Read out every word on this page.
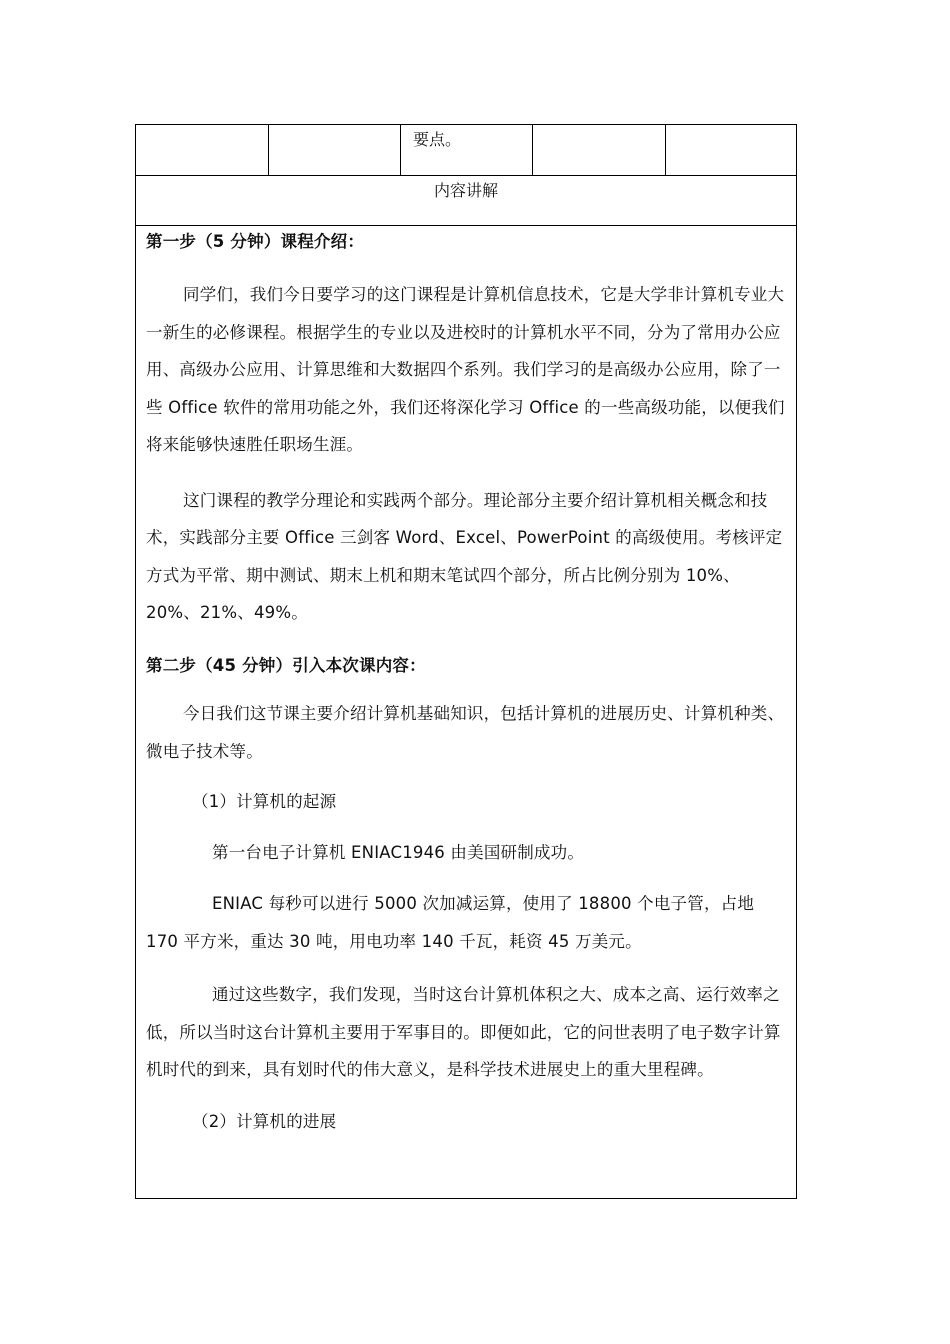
要点。
内容讲解

第一步（5 分钟）课程介绍：

同学们，我们今日要学习的这门课程是计算机信息技术，它是大学非计算机专业大一新生的必修课程。根据学生的专业以及进校时的计算机水平不同，分为了常用办公应用、高级办公应用、计算思维和大数据四个系列。我们学习的是高级办公应用，除了一些 Office 软件的常用功能之外，我们还将深化学习 Office 的一些高级功能，以便我们将来能够快速胜任职场生涯。

这门课程的教学分理论和实践两个部分。理论部分主要介绍计算机相关概念和技术，实践部分主要 Office 三剑客 Word、Excel、PowerPoint 的高级使用。考核评定方式为平常、期中测试、期末上机和期末笔试四个部分，所占比例分别为 10%、20%、21%、49%。

第二步（45 分钟）引入本次课内容：

今日我们这节课主要介绍计算机基础知识，包括计算机的进展历史、计算机种类、微电子技术等。

（1）计算机的起源

第一台电子计算机 ENIAC1946 由美国研制成功。

ENIAC 每秒可以进行 5000 次加减运算，使用了 18800 个电子管，占地 170 平方米，重达 30 吨，用电功率 140 千瓦，耗资 45 万美元。

通过这些数字，我们发现，当时这台计算机体积之大、成本之高、运行效率之低，所以当时这台计算机主要用于军事目的。即便如此，它的问世表明了电子数字计算机时代的到来，具有划时代的伟大意义，是科学技术进展史上的重大里程碑。

（2）计算机的进展
